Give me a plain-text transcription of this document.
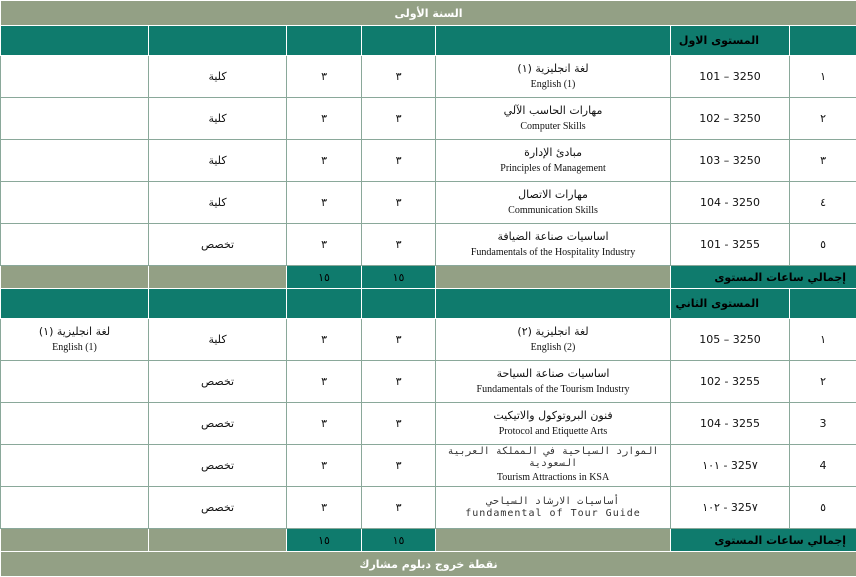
السنة الأولى						
	المستوى الاول					
١	3250 – 101	لغة انجليزية (١)
English (1)	٣	٣	كلية	
٢	3250 – 102	مهارات الحاسب الآلي
Computer Skills	٣	٣	كلية	
٣	3250 – 103	مبادئ الإدارة
Principles of Management	٣	٣	كلية	
٤	3250 - 104	مهارات الاتصال
Communication Skills	٣	٣	كلية	
٥	3255 - 101	اساسيات صناعة الضيافة
Fundamentals of the Hospitality Industry	٣	٣	تخصص	
إجمالي ساعات المستوى			١٥	١٥		
	المستوى الثاني					
١	3250 – 105	لغة انجليزية (٢)
English (2)	٣	٣	كلية	لغة انجليزية (١)
English (1)

٢	3255 - 102	اساسيات صناعة السياحة
Fundamentals of the Tourism Industry	٣	٣	تخصص	
3	3255 - 104	فنون البروتوكول والاتيكيت
Protocol and Etiquette Arts	٣	٣	تخصص	
4	325٧ - ١٠١	الموارد السياحية في المملكة العربية السعودية
Tourism Attractions in KSA	٣	٣	تخصص	
٥	325٧ - ١٠٢	أساسيات الارشاد السياحي
fundamental of Tour Guide	٣	٣	تخصص	
إجمالي ساعات المستوى			١٥	١٥		
نقطة خروج دبلوم مشارك						
